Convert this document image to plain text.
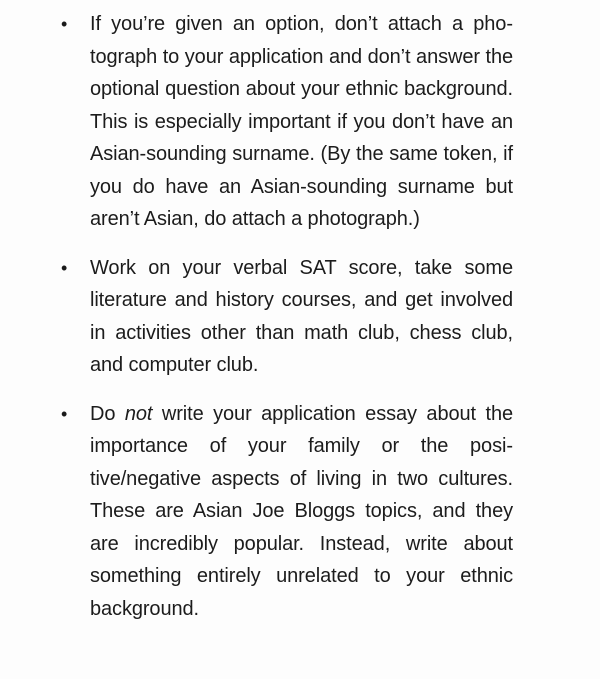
• If you’re given an option, don’t attach a photograph to your application and don’t answer the optional question about your ethnic background. This is especially important if you don’t have an Asian-sounding surname. (By the same token, if you do have an Asian-sounding surname but aren’t Asian, do attach a photograph.)
• Work on your verbal SAT score, take some literature and history courses, and get involved in activities other than math club, chess club, and computer club.
• Do not write your application essay about the importance of your family or the positive/negative aspects of living in two cultures. These are Asian Joe Bloggs topics, and they are incredibly popular. Instead, write about something entirely unrelated to your ethnic background.
